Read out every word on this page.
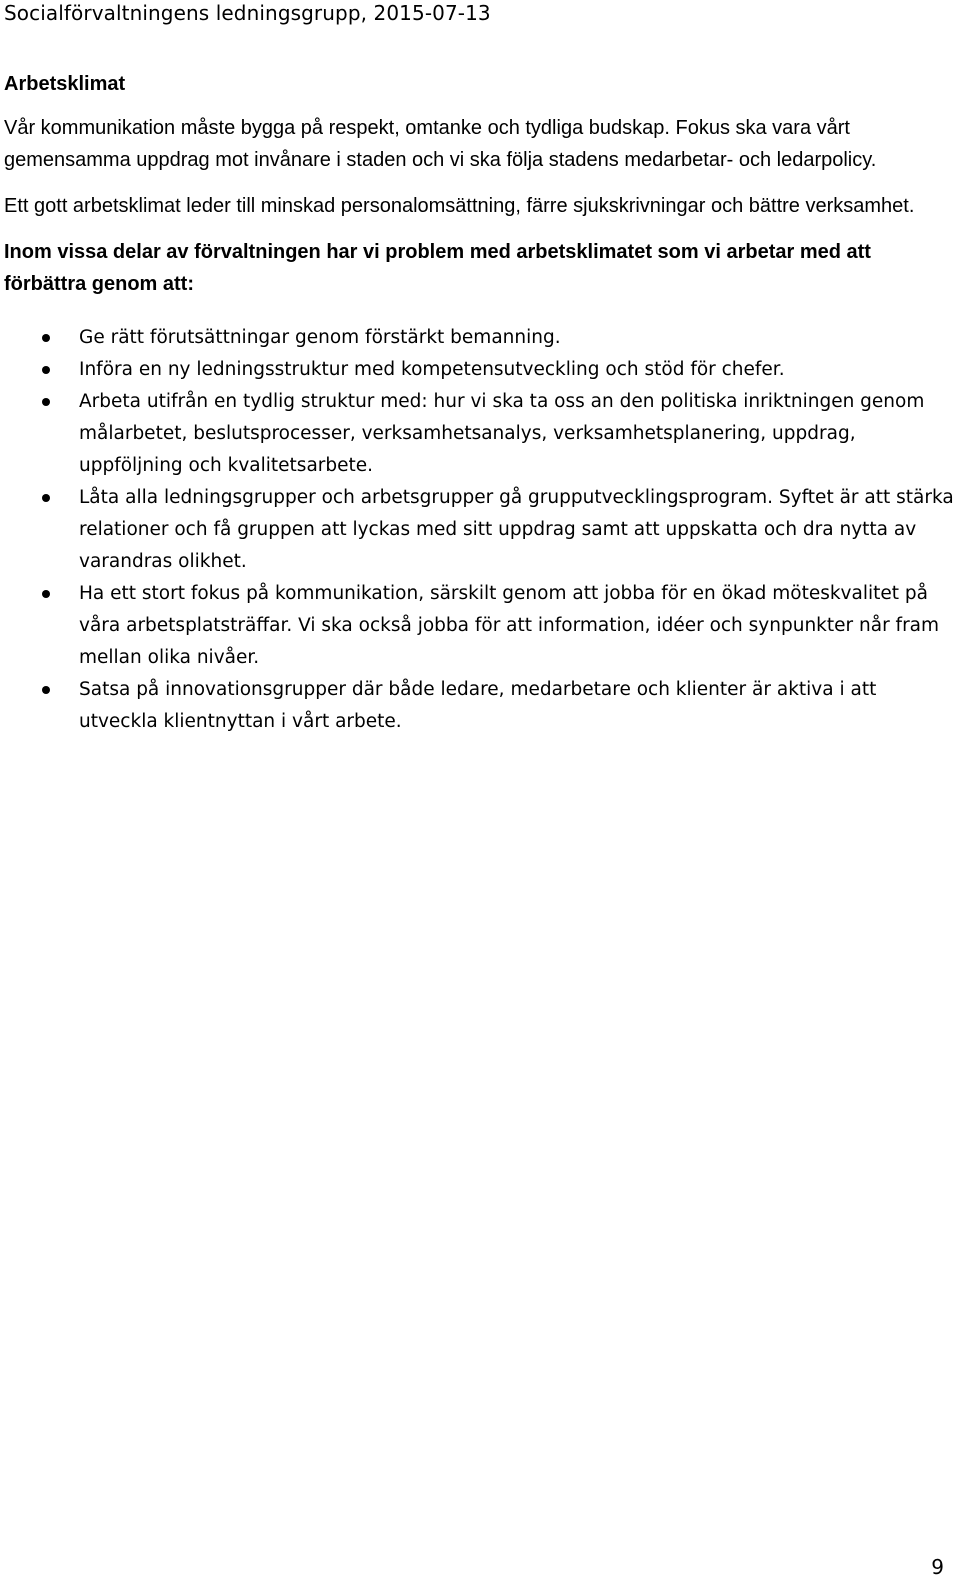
Socialförvaltningens ledningsgrupp, 2015-07-13
Arbetsklimat

Vår kommunikation måste bygga på respekt, omtanke och tydliga budskap. Fokus ska vara vårt gemensamma uppdrag mot invånare i staden och vi ska följa stadens medarbetar- och ledarpolicy.

Ett gott arbetsklimat leder till minskad personalomsättning, färre sjukskrivningar och bättre verksamhet.

Inom vissa delar av förvaltningen har vi problem med arbetsklimatet som vi arbetar med att förbättra genom att:

Ge rätt förutsättningar genom förstärkt bemanning.
Införa en ny ledningsstruktur med kompetensutveckling och stöd för chefer.
Arbeta utifrån en tydlig struktur med: hur vi ska ta oss an den politiska inriktningen genom målarbetet, beslutsprocesser, verksamhetsanalys, verksamhetsplanering, uppdrag, uppföljning och kvalitetsarbete.
Låta alla ledningsgrupper och arbetsgrupper gå grupputvecklingsprogram. Syftet är att stärka relationer och få gruppen att lyckas med sitt uppdrag samt att uppskatta och dra nytta av varandras olikhet.
Ha ett stort fokus på kommunikation, särskilt genom att jobba för en ökad möteskvalitet på våra arbetsplatsträffar. Vi ska också jobba för att information, idéer och synpunkter når fram mellan olika nivåer.
Satsa på innovationsgrupper där både ledare, medarbetare och klienter är aktiva i att utveckla klientnyttan i vårt arbete.
9
